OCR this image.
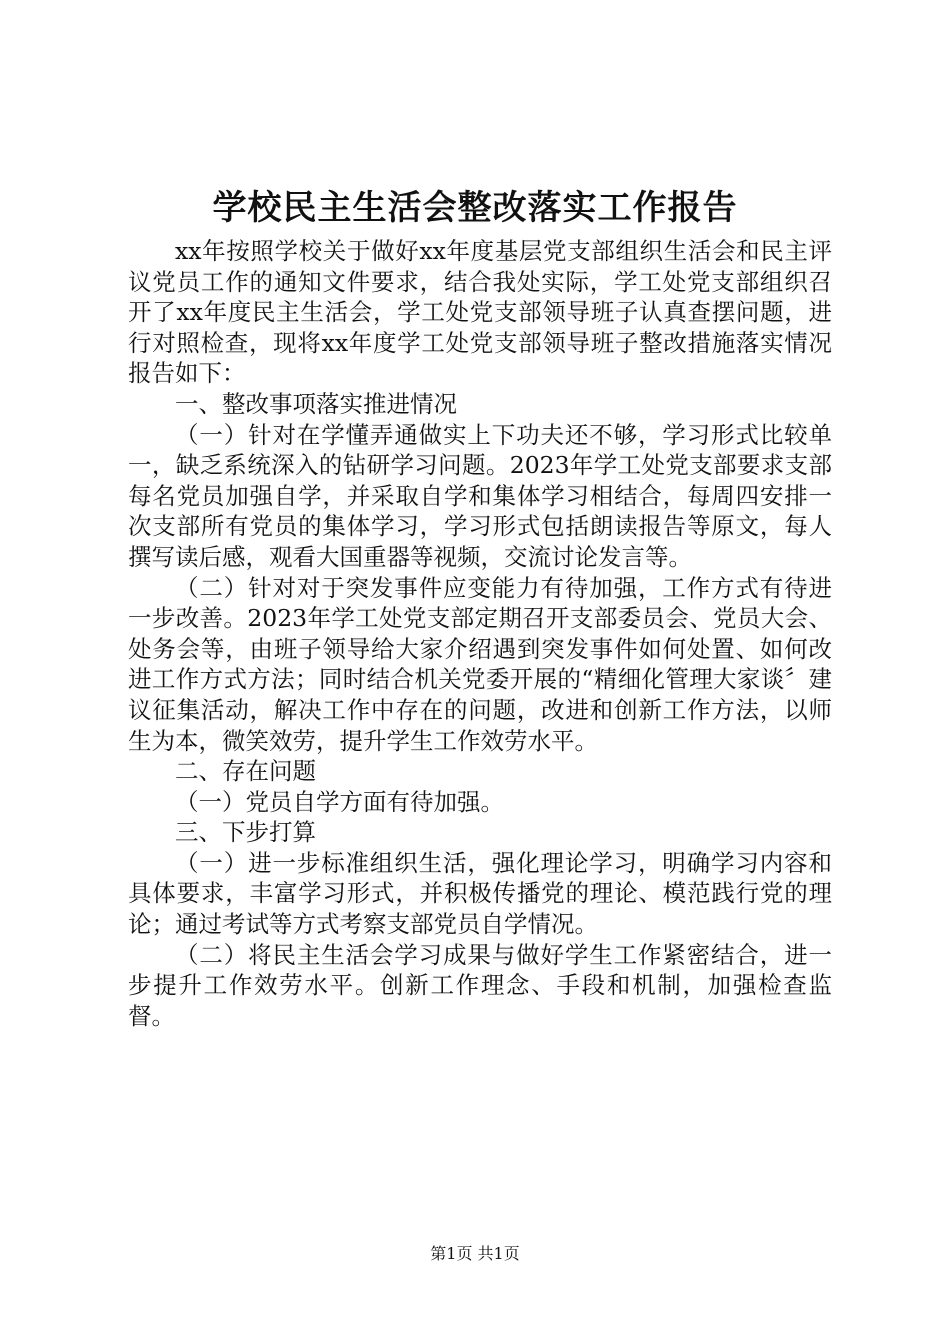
学校民主生活会整改落实工作报告

xx年按照学校关于做好xx年度基层党支部组织生活会和民主评议党员工作的通知文件要求，结合我处实际，学工处党支部组织召开了xx年度民主生活会，学工处党支部领导班子认真查摆问题，进行对照检查，现将xx年度学工处党支部领导班子整改措施落实情况报告如下：

一、整改事项落实推进情况

（一）针对在学懂弄通做实上下功夫还不够，学习形式比较单一，缺乏系统深入的钻研学习问题。2023年学工处党支部要求支部每名党员加强自学，并采取自学和集体学习相结合，每周四安排一次支部所有党员的集体学习，学习形式包括朗读报告等原文，每人撰写读后感，观看大国重器等视频，交流讨论发言等。

（二）针对对于突发事件应变能力有待加强，工作方式有待进一步改善。2023年学工处党支部定期召开支部委员会、党员大会、处务会等，由班子领导给大家介绍遇到突发事件如何处置、如何改进工作方式方法；同时结合机关党委开展的“精细化管理大家谈〞建议征集活动，解决工作中存在的问题，改进和创新工作方法，以师生为本，微笑效劳，提升学生工作效劳水平。

二、存在问题

（一）党员自学方面有待加强。

三、下步打算

（一）进一步标准组织生活，强化理论学习，明确学习内容和具体要求，丰富学习形式，并积极传播党的理论、模范践行党的理论；通过考试等方式考察支部党员自学情况。

（二）将民主生活会学习成果与做好学生工作紧密结合，进一步提升工作效劳水平。创新工作理念、手段和机制，加强检查监督。

第1页 共1页
